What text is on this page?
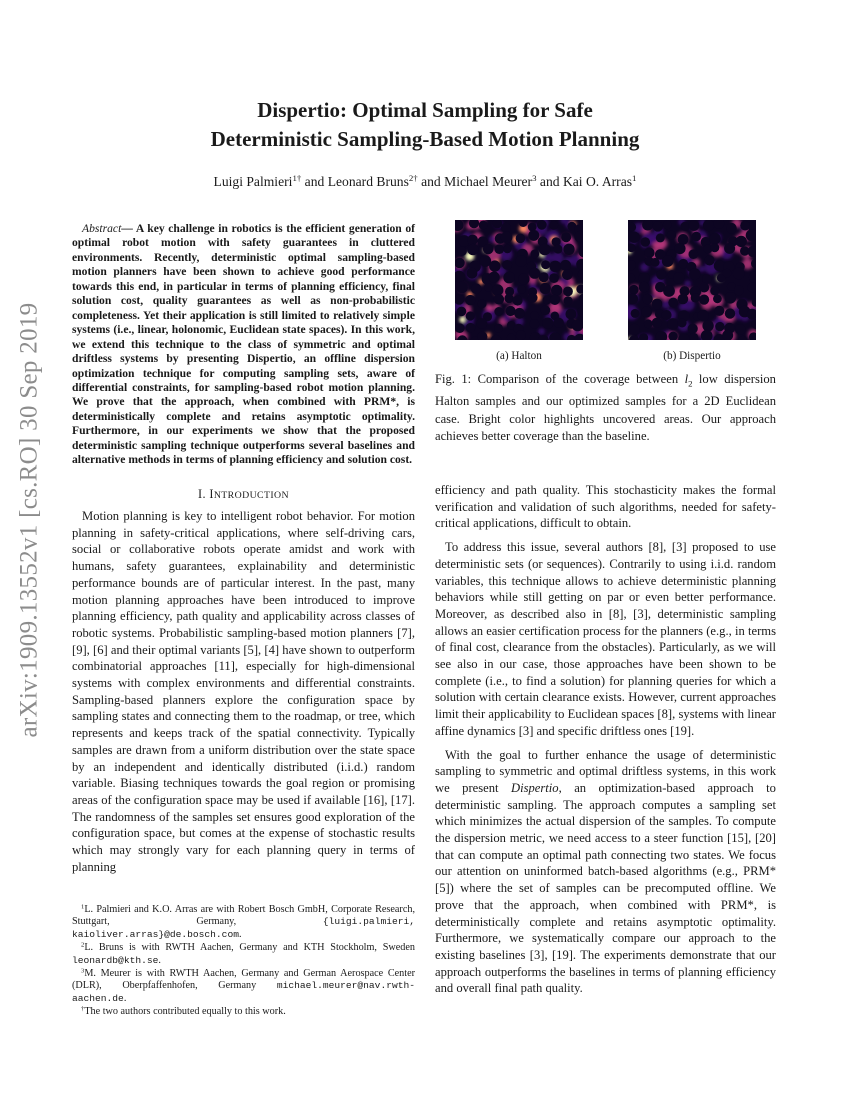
arXiv:1909.13552v1 [cs.RO] 30 Sep 2019
Dispertio: Optimal Sampling for Safe
Deterministic Sampling-Based Motion Planning
Luigi Palmieri$^{1\dagger}$ and Leonard Bruns$^{2\dagger}$ and Michael Meurer$^3$ and Kai O. Arras$^1$
Abstract— A key challenge in robotics is the efficient generation of optimal robot motion with safety guarantees in cluttered environments. Recently, deterministic optimal sampling-based motion planners have been shown to achieve good performance towards this end, in particular in terms of planning efficiency, final solution cost, quality guarantees as well as non-probabilistic completeness. Yet their application is still limited to relatively simple systems (i.e., linear, holonomic, Euclidean state spaces). In this work, we extend this technique to the class of symmetric and optimal driftless systems by presenting Dispertio, an offline dispersion optimization technique for computing sampling sets, aware of differential constraints, for sampling-based robot motion planning. We prove that the approach, when combined with PRM*, is deterministically complete and retains asymptotic optimality. Furthermore, in our experiments we show that the proposed deterministic sampling technique outperforms several baselines and alternative methods in terms of planning efficiency and solution cost.
I. INTRODUCTION

Motion planning is key to intelligent robot behavior. For motion planning in safety-critical applications, where self-driving cars, social or collaborative robots operate amidst and work with humans, safety guarantees, explainability and deterministic performance bounds are of particular interest. In the past, many motion planning approaches have been introduced to improve planning efficiency, path quality and applicability across classes of robotic systems. Probabilistic sampling-based motion planners [7], [9], [6] and their optimal variants [5], [4] have shown to outperform combinatorial approaches [11], especially for high-dimensional systems with complex environments and differential constraints. Sampling-based planners explore the configuration space by sampling states and connecting them to the roadmap, or tree, which represents and keeps track of the spatial connectivity. Typically samples are drawn from a uniform distribution over the state space by an independent and identically distributed (i.i.d.) random variable. Biasing techniques towards the goal region or promising areas of the configuration space may be used if available [16], [17]. The randomness of the samples set ensures good exploration of the configuration space, but comes at the expense of stochastic results which may strongly vary for each planning query in terms of planning

$^1$L. Palmieri and K.O. Arras are with Robert Bosch GmbH, Corporate Research, Stuttgart, Germany, {luigi.palmieri, kaioliver.arras}@de.bosch.com.

$^2$L. Bruns is with RWTH Aachen, Germany and KTH Stockholm, Sweden leonardb@kth.se.

$^3$M. Meurer is with RWTH Aachen, Germany and German Aerospace Center (DLR), Oberpfaffenhofen, Germany michael.meurer@nav.rwth-aachen.de.

†The two authors contributed equally to this work.

(a) Halton	(b) Dispertio
Fig. 1: Comparison of the coverage between $l_2$ low dispersion Halton samples and our optimized samples for a 2D Euclidean case. Bright color highlights uncovered areas. Our approach achieves better coverage than the baseline.

efficiency and path quality. This stochasticity makes the formal verification and validation of such algorithms, needed for safety-critical applications, difficult to obtain.

To address this issue, several authors [8], [3] proposed to use deterministic sets (or sequences). Contrarily to using i.i.d. random variables, this technique allows to achieve deterministic planning behaviors while still getting on par or even better performance. Moreover, as described also in [8], [3], deterministic sampling allows an easier certification process for the planners (e.g., in terms of final cost, clearance from the obstacles). Particularly, as we will see also in our case, those approaches have been shown to be complete (i.e., to find a solution) for planning queries for which a solution with certain clearance exists. However, current approaches limit their applicability to Euclidean spaces [8], systems with linear affine dynamics [3] and specific driftless ones [19].

With the goal to further enhance the usage of deterministic sampling to symmetric and optimal driftless systems, in this work we present Dispertio, an optimization-based approach to deterministic sampling. The approach computes a sampling set which minimizes the actual dispersion of the samples. To compute the dispersion metric, we need access to a steer function [15], [20] that can compute an optimal path connecting two states. We focus our attention on uninformed batch-based algorithms (e.g., PRM* [5]) where the set of samples can be precomputed offline. We prove that the approach, when combined with PRM*, is deterministically complete and retains asymptotic optimality. Furthermore, we systematically compare our approach to the existing baselines [3], [19]. The experiments demonstrate that our approach outperforms the baselines in terms of planning efficiency and overall final path quality.
